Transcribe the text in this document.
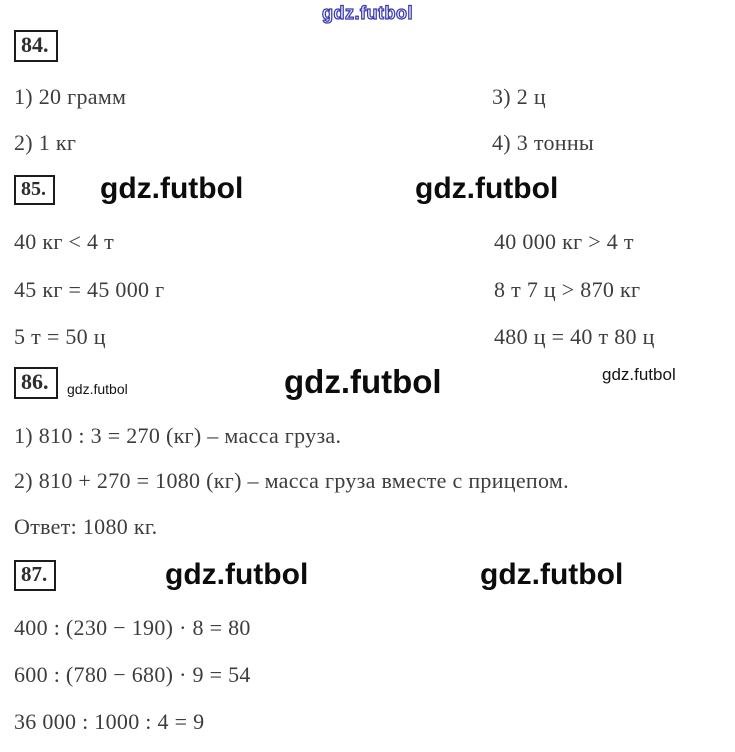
gdz.futbol
84.
1) 20 грамм	3) 2 ц
2) 1 кг	4) 3 тонны
85.	gdz.futbol	gdz.futbol
40 кг < 4 т	40 000 кг > 4 т
45 кг = 45 000 г	8 т 7 ц > 870 кг
5 т = 50 ц	480 ц = 40 т 80 ц
86.	gdz.futbol	gdz.futbol	gdz.futbol
1) 810 : 3 = 270 (кг) – масса груза.
2) 810 + 270 = 1080 (кг) – масса груза вместе с прицепом.
Ответ: 1080 кг.
87.	gdz.futbol	gdz.futbol
400 : (230 − 190) · 8 = 80
600 : (780 − 680) · 9 = 54
36 000 : 1000 : 4 = 9
